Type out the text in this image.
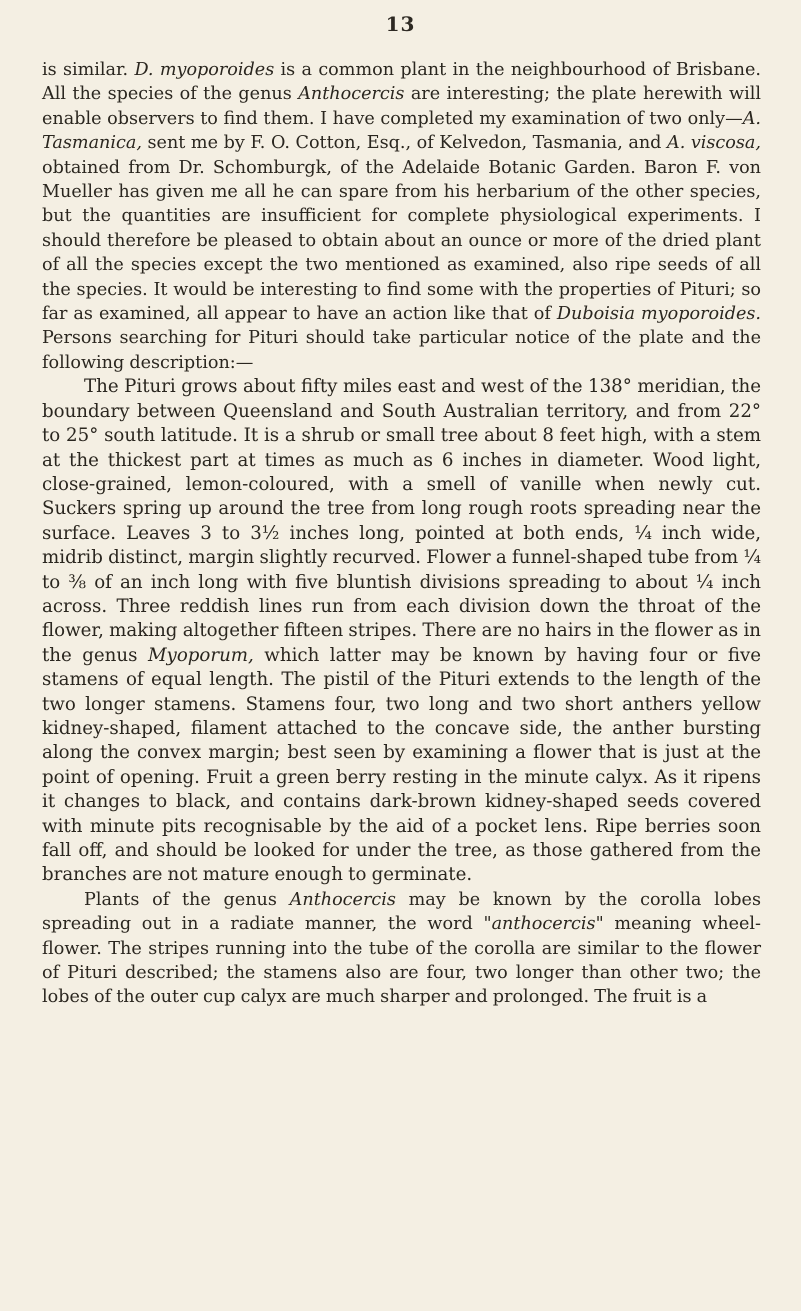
13

is similar. D. myoporoides is a common plant in the neighbourhood of Brisbane. All the species of the genus Anthocercis are interesting; the plate herewith will enable observers to find them. I have completed my examination of two only—A. Tasmanica, sent me by F. O. Cotton, Esq., of Kelvedon, Tasmania, and A. viscosa, obtained from Dr. Schomburgk, of the Adelaide Botanic Garden. Baron F. von Mueller has given me all he can spare from his herbarium of the other species, but the quantities are insufficient for complete physiological experiments. I should therefore be pleased to obtain about an ounce or more of the dried plant of all the species except the two mentioned as examined, also ripe seeds of all the species. It would be interesting to find some with the properties of Pituri; so far as examined, all appear to have an action like that of Duboisia myoporoides. Persons searching for Pituri should take particular notice of the plate and the following description:—

The Pituri grows about fifty miles east and west of the 138° meridian, the boundary between Queensland and South Australian territory, and from 22° to 25° south latitude. It is a shrub or small tree about 8 feet high, with a stem at the thickest part at times as much as 6 inches in diameter. Wood light, close-grained, lemon-coloured, with a smell of vanille when newly cut. Suckers spring up around the tree from long rough roots spreading near the surface. Leaves 3 to 3½ inches long, pointed at both ends, ¼ inch wide, midrib distinct, margin slightly recurved. Flower a funnel-shaped tube from ¼ to ⅜ of an inch long with five bluntish divisions spreading to about ¼ inch across. Three reddish lines run from each division down the throat of the flower, making altogether fifteen stripes. There are no hairs in the flower as in the genus Myoporum, which latter may be known by having four or five stamens of equal length. The pistil of the Pituri extends to the length of the two longer stamens. Stamens four, two long and two short anthers yellow kidney-shaped, filament attached to the concave side, the anther bursting along the convex margin; best seen by examining a flower that is just at the point of opening. Fruit a green berry resting in the minute calyx. As it ripens it changes to black, and contains dark-brown kidney-shaped seeds covered with minute pits recognisable by the aid of a pocket lens. Ripe berries soon fall off, and should be looked for under the tree, as those gathered from the branches are not mature enough to germinate.

Plants of the genus Anthocercis may be known by the corolla lobes spreading out in a radiate manner, the word "anthocercis" meaning wheel-flower. The stripes running into the tube of the corolla are similar to the flower of Pituri described; the stamens also are four, two longer than other two; the lobes of the outer cup calyx are much sharper and prolonged. The fruit is a
